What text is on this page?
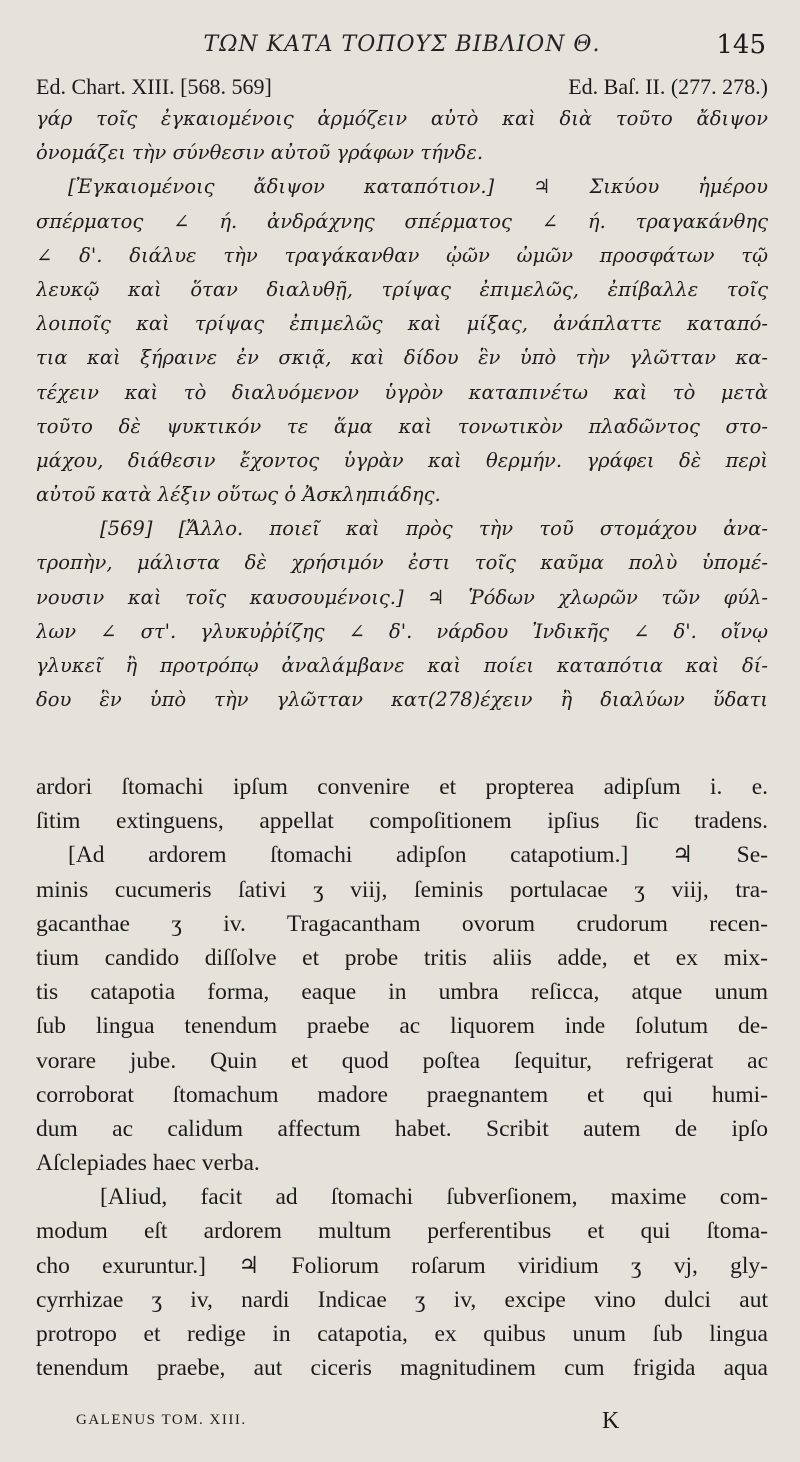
ΤΩΝ ΚΑΤΑ ΤΟΠΟΥΣ ΒΙΒΛΙΟΝ Θ.	145
Ed. Chart. XIII. [568. 569]	Ed. Baſ. II. (277. 278.)
γάρ τοῖς ἐγκαιομένοις ἁρμόζειν αὐτὸ καὶ διὰ τοῦτο ἄδιψον
ὀνομάζει τὴν σύνθεσιν αὐτοῦ γράφων τήνδε.
[Ἐγκαιομένοις ἄδιψον καταπότιον.] ♃ Σικύου ἡμέρου
σπέρματος ∠ ή. ἀνδράχνης σπέρματος ∠ ή. τραγακάνθης
∠ δ'. διάλυε τὴν τραγάκανθαν ᾠῶν ὠμῶν προσφάτων τῷ
λευκῷ καὶ ὅταν διαλυθῇ, τρίψας ἐπιμελῶς, ἐπίβαλλε τοῖς
λοιποῖς καὶ τρίψας ἐπιμελῶς καὶ μίξας, ἀνάπλαττε καταπό-
τια καὶ ξήραινε ἐν σκιᾷ, καὶ δίδου ἓν ὑπὸ τὴν γλῶτταν κα-
τέχειν καὶ τὸ διαλυόμενον ὑγρὸν καταπινέτω καὶ τὸ μετὰ
τοῦτο δὲ ψυκτικόν τε ἅμα καὶ τονωτικὸν πλαδῶντος στο-
μάχου, διάθεσιν ἔχοντος ὑγρὰν καὶ θερμήν. γράφει δὲ περὶ
αὐτοῦ κατὰ λέξιν οὕτως ὁ Ἀσκληπιάδης.
[569] [Ἄλλο. ποιεῖ καὶ πρὸς τὴν τοῦ στομάχου ἀνα-
τροπὴν, μάλιστα δὲ χρήσιμόν ἐστι τοῖς καῦμα πολὺ ὑπομέ-
νουσιν καὶ τοῖς καυσουμένοις.] ♃ Ῥόδων χλωρῶν τῶν φύλ-
λων ∠ στ'. γλυκυῤῥίζης ∠ δ'. νάρδου Ἰνδικῆς ∠ δ'. οἴνῳ
γλυκεῖ ἢ προτρόπῳ ἀναλάμβανε καὶ ποίει καταπότια καὶ δί-
δου ἓν ὑπὸ τὴν γλῶτταν κατ(278)έχειν ἢ διαλύων ὕδατι
ardori ſtomachi ipſum convenire et propterea adipſum i. e.
ſitim extinguens, appellat compoſitionem ipſius ſic tradens.
[Ad ardorem ſtomachi adipſon catapotium.] ♃ Se-
minis cucumeris ſativi ʒ viij, ſeminis portulacae ʒ viij, tra-
gacanthae ʒ iv. Tragacantham ovorum crudorum recen-
tium candido diſſolve et probe tritis aliis adde, et ex mix-
tis catapotia forma, eaque in umbra reſicca, atque unum
ſub lingua tenendum praebe ac liquorem inde ſolutum de-
vorare jube. Quin et quod poſtea ſequitur, refrigerat ac
corroborat ſtomachum madore praegnantem et qui humi-
dum ac calidum affectum habet. Scribit autem de ipſo
Aſclepiades haec verba.
[Aliud, facit ad ſtomachi ſubverſionem, maxime com-
modum eſt ardorem multum perferentibus et qui ſtoma-
cho exuruntur.] ♃ Foliorum roſarum viridium ʒ vj, gly-
cyrrhizae ʒ iv, nardi Indicae ʒ iv, excipe vino dulci aut
protropo et redige in catapotia, ex quibus unum ſub lingua
tenendum praebe, aut ciceris magnitudinem cum frigida aqua
GALENUS TOM. XIII.	K
